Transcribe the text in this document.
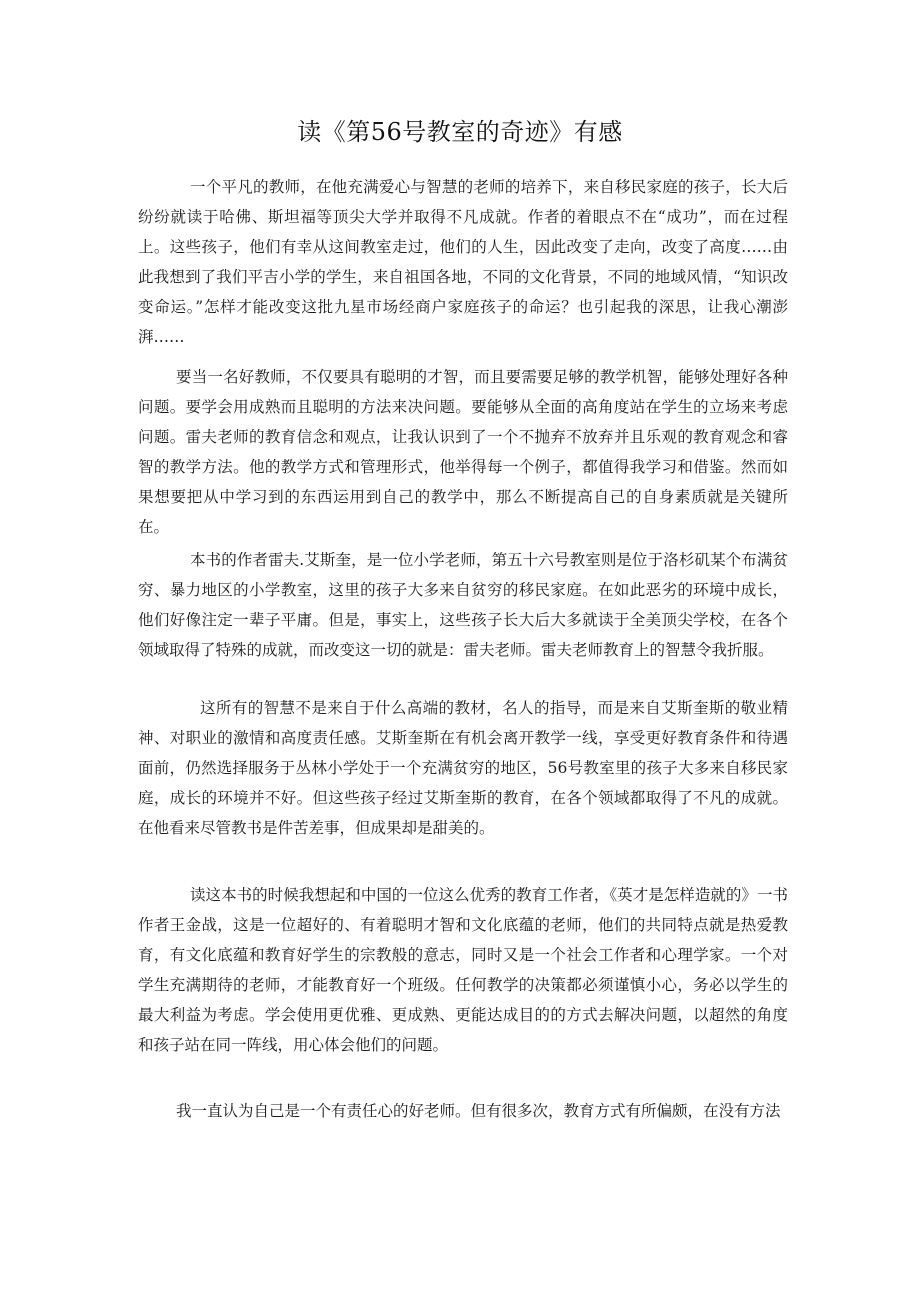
读《第56号教室的奇迹》有感

一个平凡的教师，在他充满爱心与智慧的老师的培养下，来自移民家庭的孩子，长大后纷纷就读于哈佛、斯坦福等顶尖大学并取得不凡成就。作者的着眼点不在“成功”，而在过程上。这些孩子，他们有幸从这间教室走过，他们的人生，因此改变了走向，改变了高度……由此我想到了我们平吉小学的学生，来自祖国各地，不同的文化背景，不同的地域风情，“知识改变命运。”怎样才能改变这批九星市场经商户家庭孩子的命运？也引起我的深思，让我心潮澎湃……

要当一名好教师，不仅要具有聪明的才智，而且要需要足够的教学机智，能够处理好各种问题。要学会用成熟而且聪明的方法来决问题。要能够从全面的高角度站在学生的立场来考虑问题。雷夫老师的教育信念和观点，让我认识到了一个不抛弃不放弃并且乐观的教育观念和睿智的教学方法。他的教学方式和管理形式，他举得每一个例子，都值得我学习和借鉴。然而如果想要把从中学习到的东西运用到自己的教学中，那么不断提高自己的自身素质就是关键所在。

本书的作者雷夫.艾斯奎，是一位小学老师，第五十六号教室则是位于洛杉矶某个布满贫穷、暴力地区的小学教室，这里的孩子大多来自贫穷的移民家庭。在如此恶劣的环境中成长，他们好像注定一辈子平庸。但是，事实上，这些孩子长大后大多就读于全美顶尖学校，在各个领域取得了特殊的成就，而改变这一切的就是：雷夫老师。雷夫老师教育上的智慧令我折服。

这所有的智慧不是来自于什么高端的教材，名人的指导，而是来自艾斯奎斯的敬业精神、对职业的激情和高度责任感。艾斯奎斯在有机会离开教学一线，享受更好教育条件和待遇面前，仍然选择服务于丛林小学处于一个充满贫穷的地区，56号教室里的孩子大多来自移民家庭，成长的环境并不好。但这些孩子经过艾斯奎斯的教育，在各个领域都取得了不凡的成就。在他看来尽管教书是件苦差事，但成果却是甜美的。

读这本书的时候我想起和中国的一位这么优秀的教育工作者，《英才是怎样造就的》一书作者王金战，这是一位超好的、有着聪明才智和文化底蕴的老师，他们的共同特点就是热爱教育，有文化底蕴和教育好学生的宗教般的意志，同时又是一个社会工作者和心理学家。一个对学生充满期待的老师，才能教育好一个班级。任何教学的决策都必须谨慎小心，务必以学生的最大利益为考虑。学会使用更优雅、更成熟、更能达成目的的方式去解决问题，以超然的角度和孩子站在同一阵线，用心体会他们的问题。

我一直认为自己是一个有责任心的好老师。但有很多次，教育方式有所偏颇，在没有方法
